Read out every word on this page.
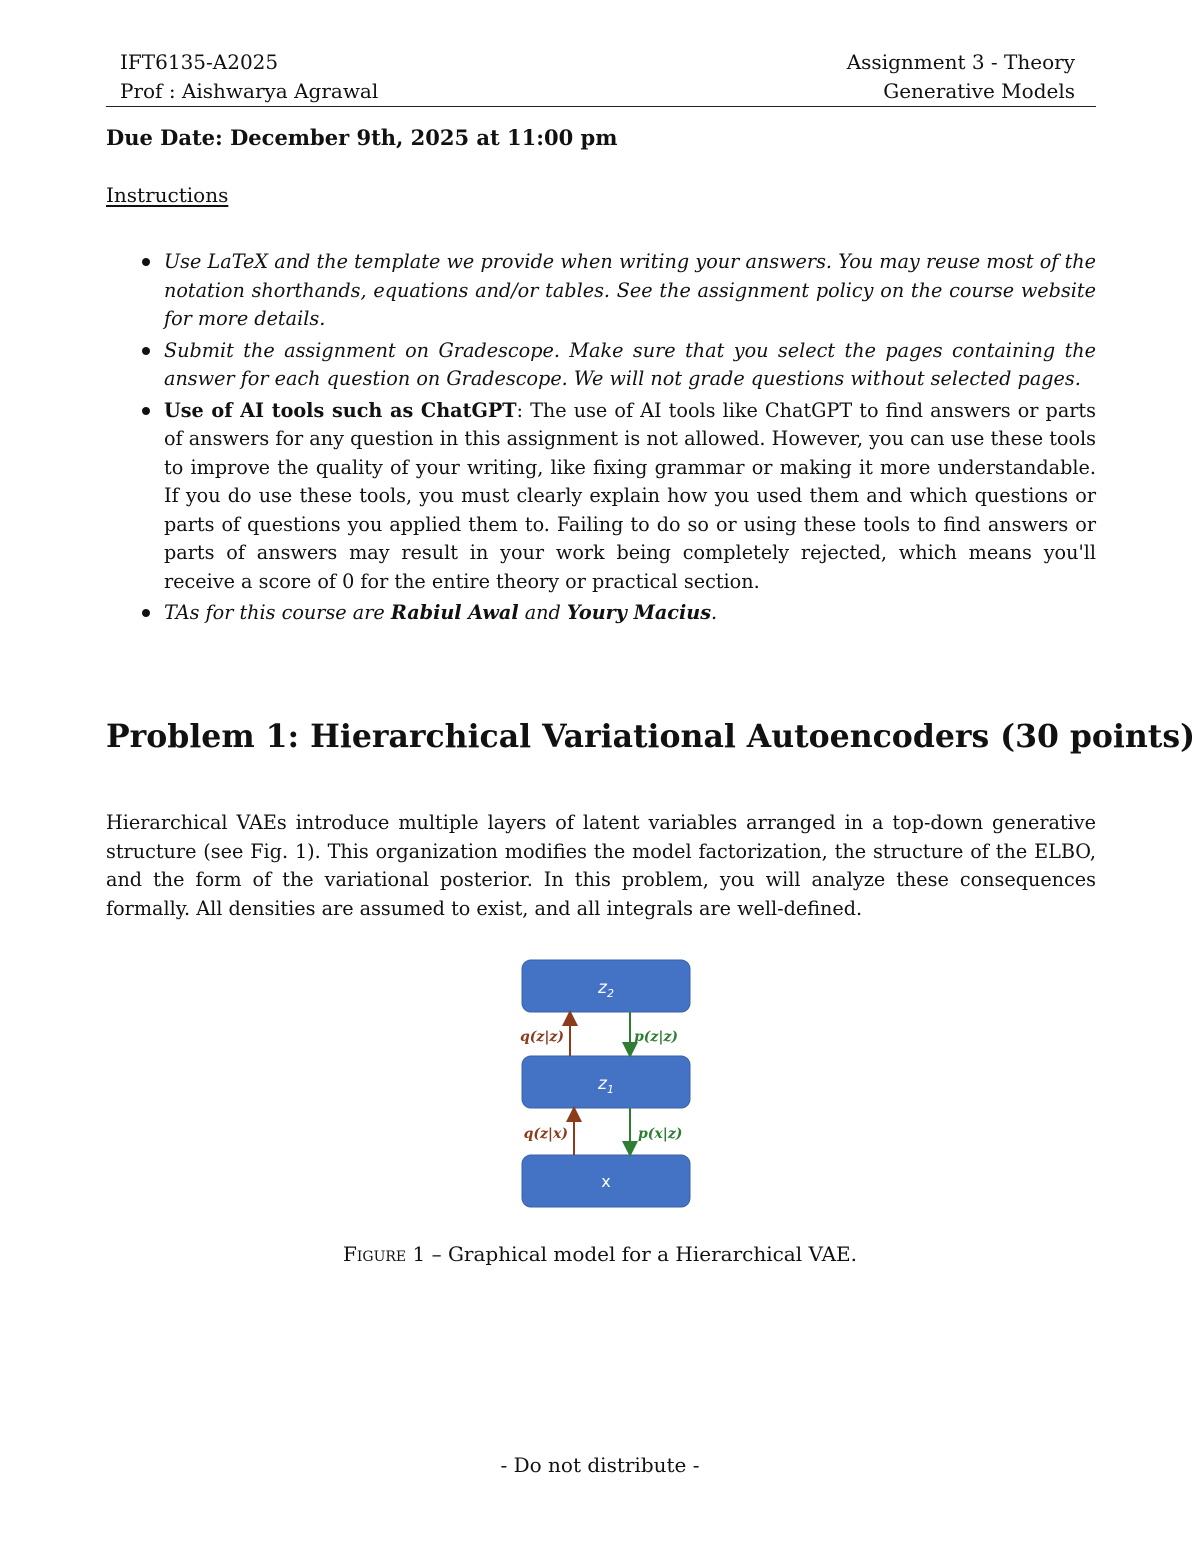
IFT6135-A2025
Prof : Aishwarya Agrawal
Assignment 3 - Theory
Generative Models
Due Date: December 9th, 2025 at 11:00 pm
Instructions
Use LaTeX and the template we provide when writing your answers. You may reuse most of the notation shorthands, equations and/or tables. See the assignment policy on the course website for more details.
Submit the assignment on Gradescope. Make sure that you select the pages containing the answer for each question on Gradescope. We will not grade questions without selected pages.
Use of AI tools such as ChatGPT: The use of AI tools like ChatGPT to find answers or parts of answers for any question in this assignment is not allowed. However, you can use these tools to improve the quality of your writing, like fixing grammar or making it more understandable. If you do use these tools, you must clearly explain how you used them and which questions or parts of questions you applied them to. Failing to do so or using these tools to find answers or parts of answers may result in your work being completely rejected, which means you'll receive a score of 0 for the entire theory or practical section.
TAs for this course are Rabiul Awal and Youry Macius.
Problem 1: Hierarchical Variational Autoencoders (30 points)
Hierarchical VAEs introduce multiple layers of latent variables arranged in a top-down generative structure (see Fig. 1). This organization modifies the model factorization, the structure of the ELBO, and the form of the variational posterior. In this problem, you will analyze these consequences formally. All densities are assumed to exist, and all integrals are well-defined.
$z_2$
$z_1$
x
q(z|z)	p(z|z)
q(z|x)	p(x|z)
Figure 1 – Graphical model for a Hierarchical VAE.
- Do not distribute -
